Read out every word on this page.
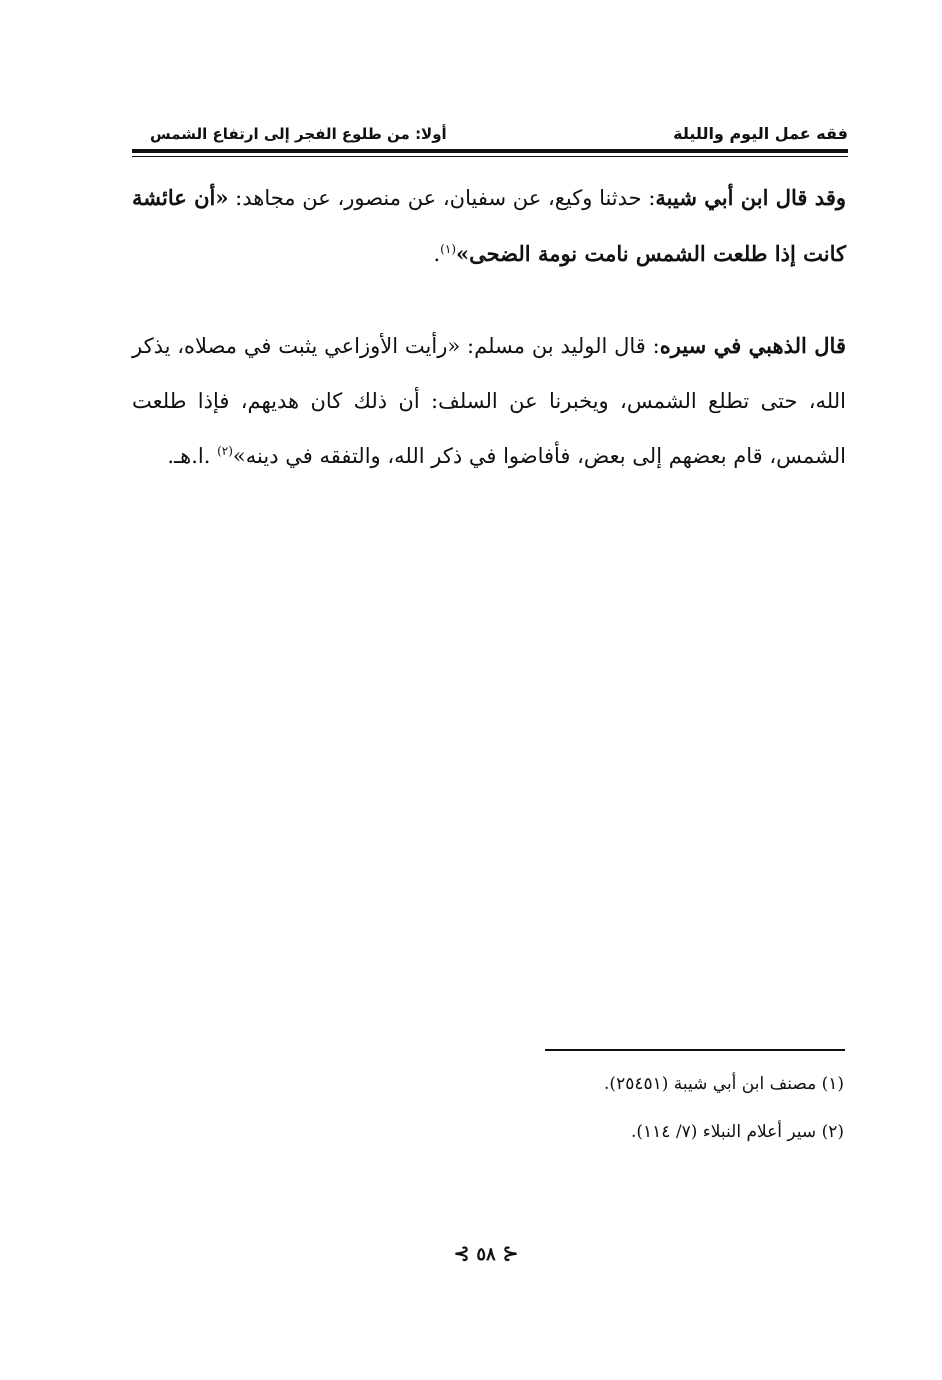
فقه عمل اليوم والليلة
أولا: من طلوع الفجر إلى ارتفاع الشمس
وقد قال ابن أبي شيبة: حدثنا وكيع، عن سفيان، عن منصور، عن مجاهد: «أن عائشة كانت إذا طلعت الشمس نامت نومة الضحى»$^{(١)}$.
قال الذهبي في سيره: قال الوليد بن مسلم: «رأيت الأوزاعي يثبت في مصلاه، يذكر الله، حتى تطلع الشمس، ويخبرنا عن السلف: أن ذلك كان هديهم، فإذا طلعت الشمس، قام بعضهم إلى بعض، فأفاضوا في ذكر الله، والتفقه في دينه»$^{(٢)}$ .ا.هـ.
(١) مصنف ابن أبي شيبة (٢٥٤٥١).
(٢) سير أعلام النبلاء (٧/ ١١٤).
⊰ ٥٨ ⊱
